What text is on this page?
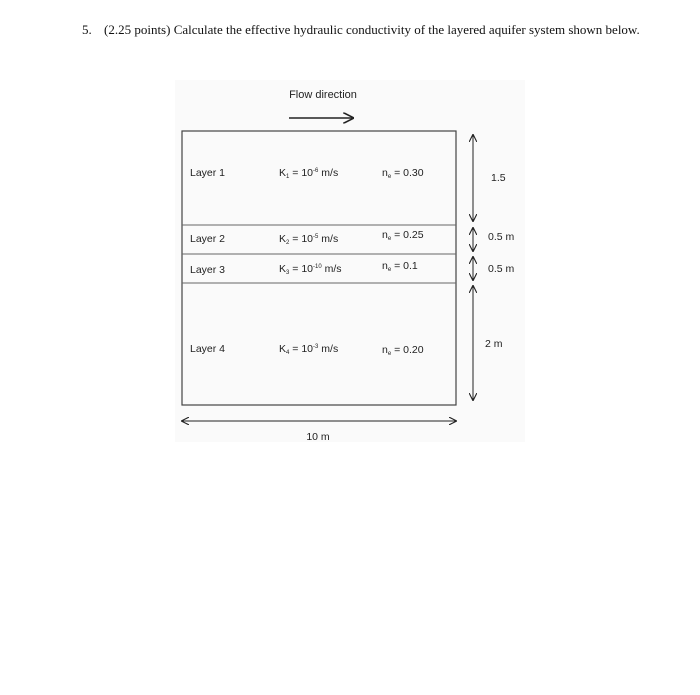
5. (2.25 points) Calculate the effective hydraulic conductivity of the layered aquifer system shown below.
Flow direction
Layer 1	$K1 = 10^{-6}$ m/s	ne = 0.30
Layer 2	$K2 = 10^{-5}$ m/s	ne = 0.25
Layer 3	$K3 = 10^{-10}$ m/s	ne = 0.1
Layer 4	$K4 = 10^{-3}$ m/s	ne = 0.20
1.5
0.5 m
0.5 m
2 m
10 m
